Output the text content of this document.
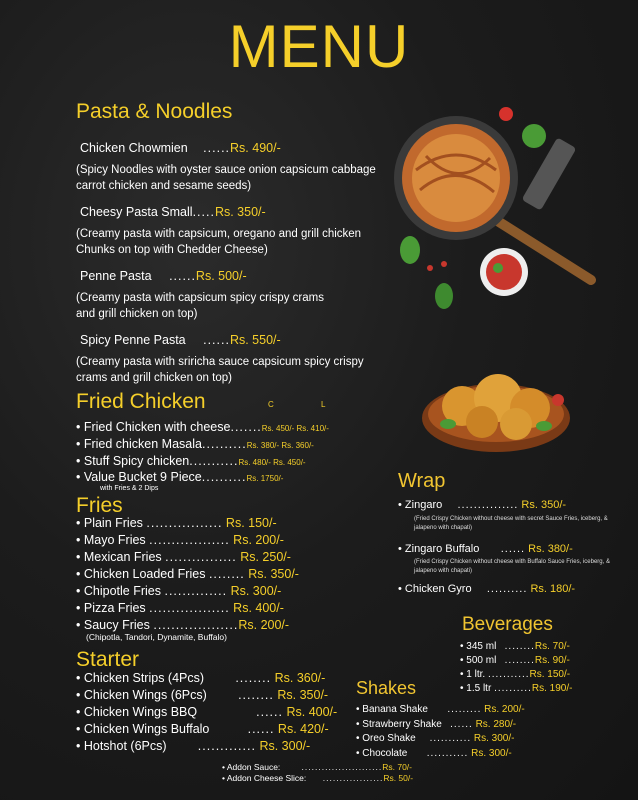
MENU
Pasta & Noodles
Chicken Chowmien ......Rs. 490/-
(Spicy Noodles with oyster sauce onion capsicum cabbage carrot chicken and sesame seeds)
Cheesy Pasta Small.....Rs. 350/-
(Creamy pasta with capsicum, oregano and grill chicken Chunks on top with Chedder Cheese)
Penne Pasta ......Rs. 500/-
(Creamy pasta with capsicum spicy crispy crams and grill chicken on top)
Spicy Penne Pasta ......Rs. 550/-
(Creamy pasta with sriricha sauce capsicum spicy crispy crams and grill chicken on top)
Fried Chicken	C	L
• Fried Chicken with cheese.......Rs. 450/- Rs. 410/-
• Fried chicken Masala..........Rs. 380/- Rs. 360/-
• Stuff Spicy chicken...........Rs. 480/- Rs. 450/-
• Value Bucket 9 Piece..........Rs. 1750/-
with Fries & 2 Dips
Fries
• Plain Fries ................. Rs. 150/-
• Mayo Fries .................. Rs. 200/-
• Mexican Fries ................ Rs. 250/-
• Chicken Loaded Fries ........ Rs. 350/-
• Chipotle Fries .............. Rs. 300/-
• Pizza Fries .................. Rs. 400/-
• Saucy Fries ...................Rs. 200/-
(Chipotla, Tandori, Dynamite, Buffalo)
Starter
• Chicken Strips (4Pcs)	........ Rs. 360/-
• Chicken Wings (6Pcs)	........ Rs. 350/-
• Chicken Wings BBQ	...... Rs. 400/-
• Chicken Wings Buffalo	...... Rs. 420/-
• Hotshot (6Pcs)	............. Rs. 300/-
• Addon Sauce:	........................Rs. 70/-
• Addon Cheese Slice: ..................Rs. 50/-
Wrap
• Zingaro ............... Rs. 350/-
(Fried Crispy Chicken without cheese with secret Sauce Fries, iceberg, & jalapeno with chapati)
• Zingaro Buffalo ...... Rs. 380/-
(Fried Crispy Chicken without cheese with Buffalo Sauce Fries, iceberg, & jalapeno with chapati)
• Chicken Gyro .......... Rs. 180/-
Beverages
• 345 ml ........Rs. 70/-
• 500 ml ........Rs. 90/-
• 1 ltr. ...........Rs. 150/-
• 1.5 ltr ..........Rs. 190/-
Shakes
• Banana Shake ......... Rs. 200/-
• Strawberry Shake ...... Rs. 280/-
• Oreo Shake ........... Rs. 300/-
• Chocolate ........... Rs. 300/-
